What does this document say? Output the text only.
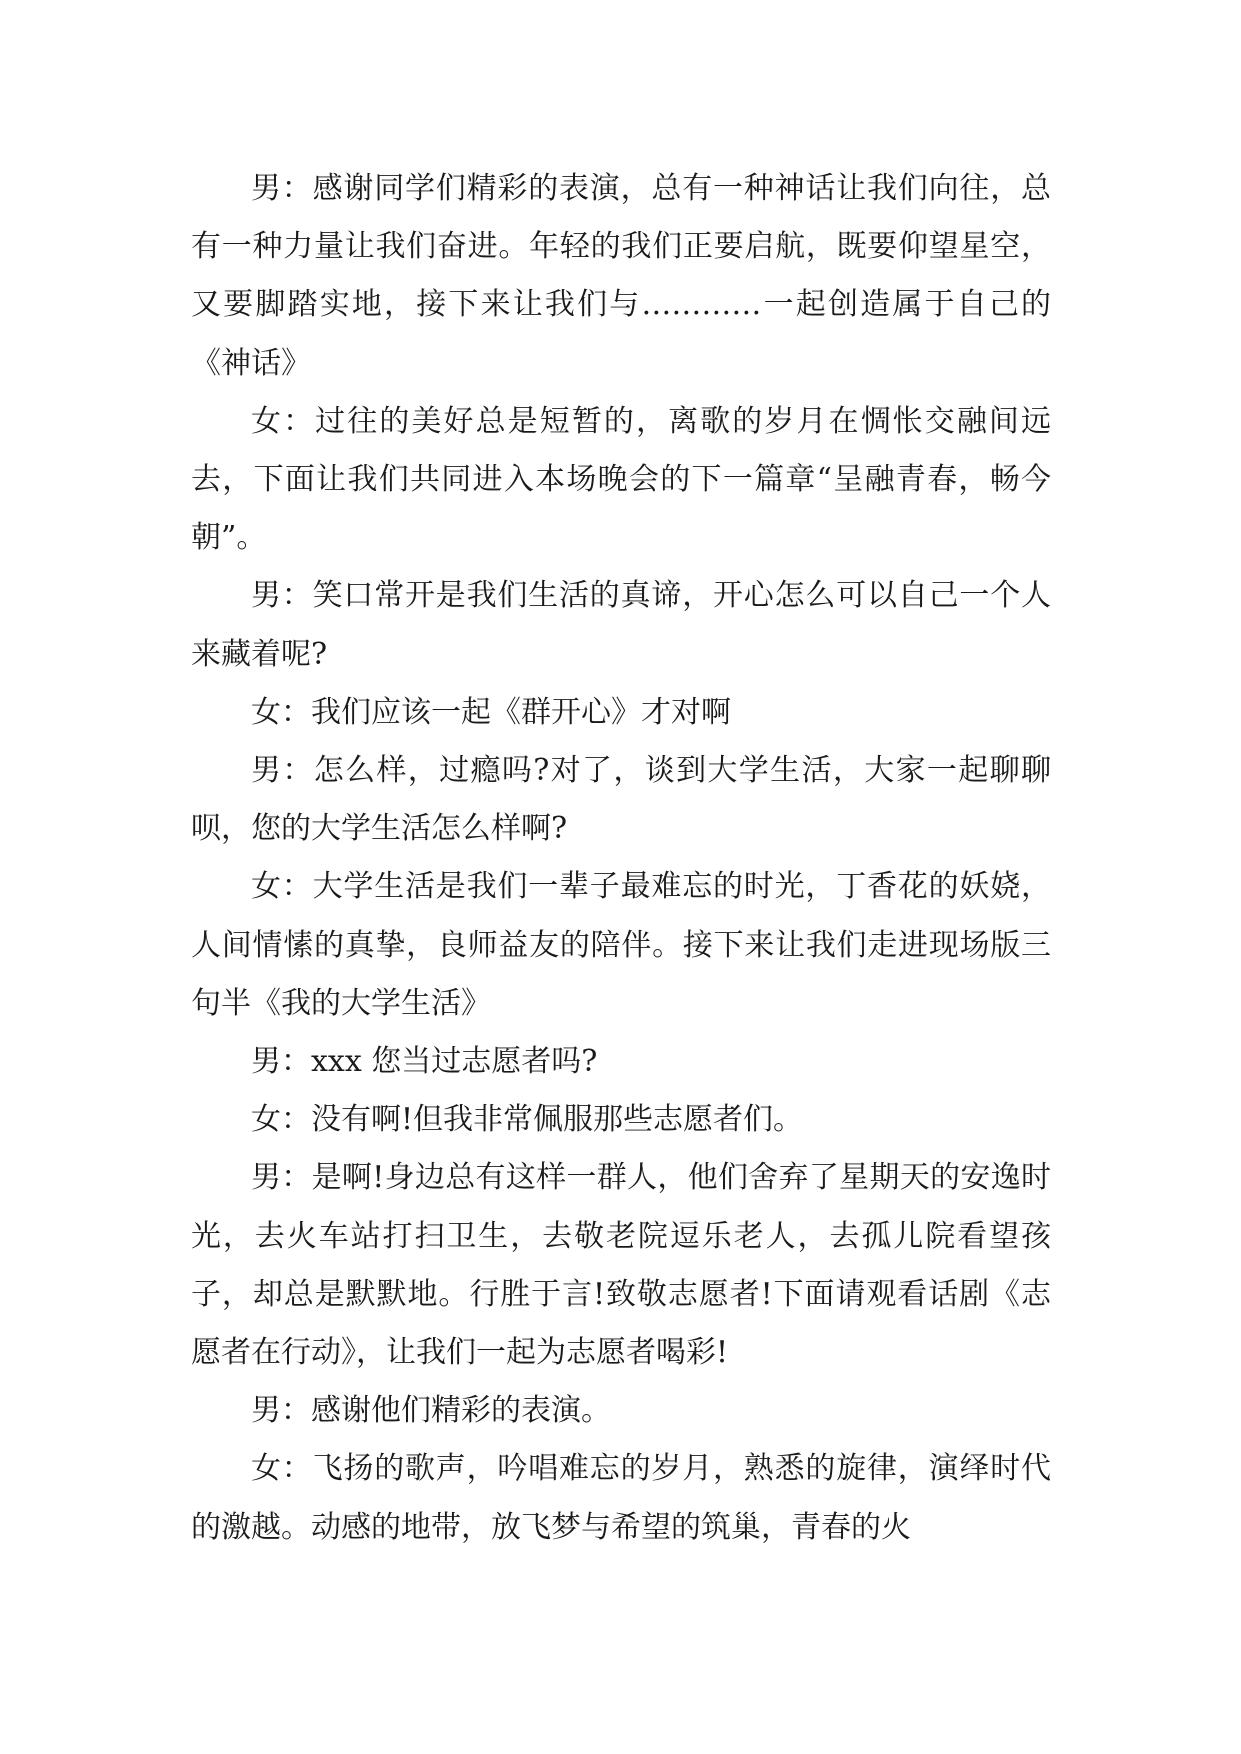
男：感谢同学们精彩的表演，总有一种神话让我们向往，总有一种力量让我们奋进。年轻的我们正要启航，既要仰望星空，又要脚踏实地，接下来让我们与…………一起创造属于自己的《神话》

女：过往的美好总是短暂的，离歌的岁月在惆怅交融间远去，下面让我们共同进入本场晚会的下一篇章“呈融青春，畅今朝”。

男：笑口常开是我们生活的真谛，开心怎么可以自己一个人来藏着呢?

女：我们应该一起《群开心》才对啊

男：怎么样，过瘾吗?对了，谈到大学生活，大家一起聊聊呗，您的大学生活怎么样啊?

女：大学生活是我们一辈子最难忘的时光，丁香花的妖娆，人间情愫的真挚，良师益友的陪伴。接下来让我们走进现场版三句半《我的大学生活》

男：xxx 您当过志愿者吗?

女：没有啊!但我非常佩服那些志愿者们。

男：是啊!身边总有这样一群人，他们舍弃了星期天的安逸时光，去火车站打扫卫生，去敬老院逗乐老人，去孤儿院看望孩子，却总是默默地。行胜于言!致敬志愿者!下面请观看话剧《志愿者在行动》，让我们一起为志愿者喝彩!

男：感谢他们精彩的表演。

女：飞扬的歌声，吟唱难忘的岁月，熟悉的旋律，演绎时代的激越。动感的地带，放飞梦与希望的筑巢，青春的火
